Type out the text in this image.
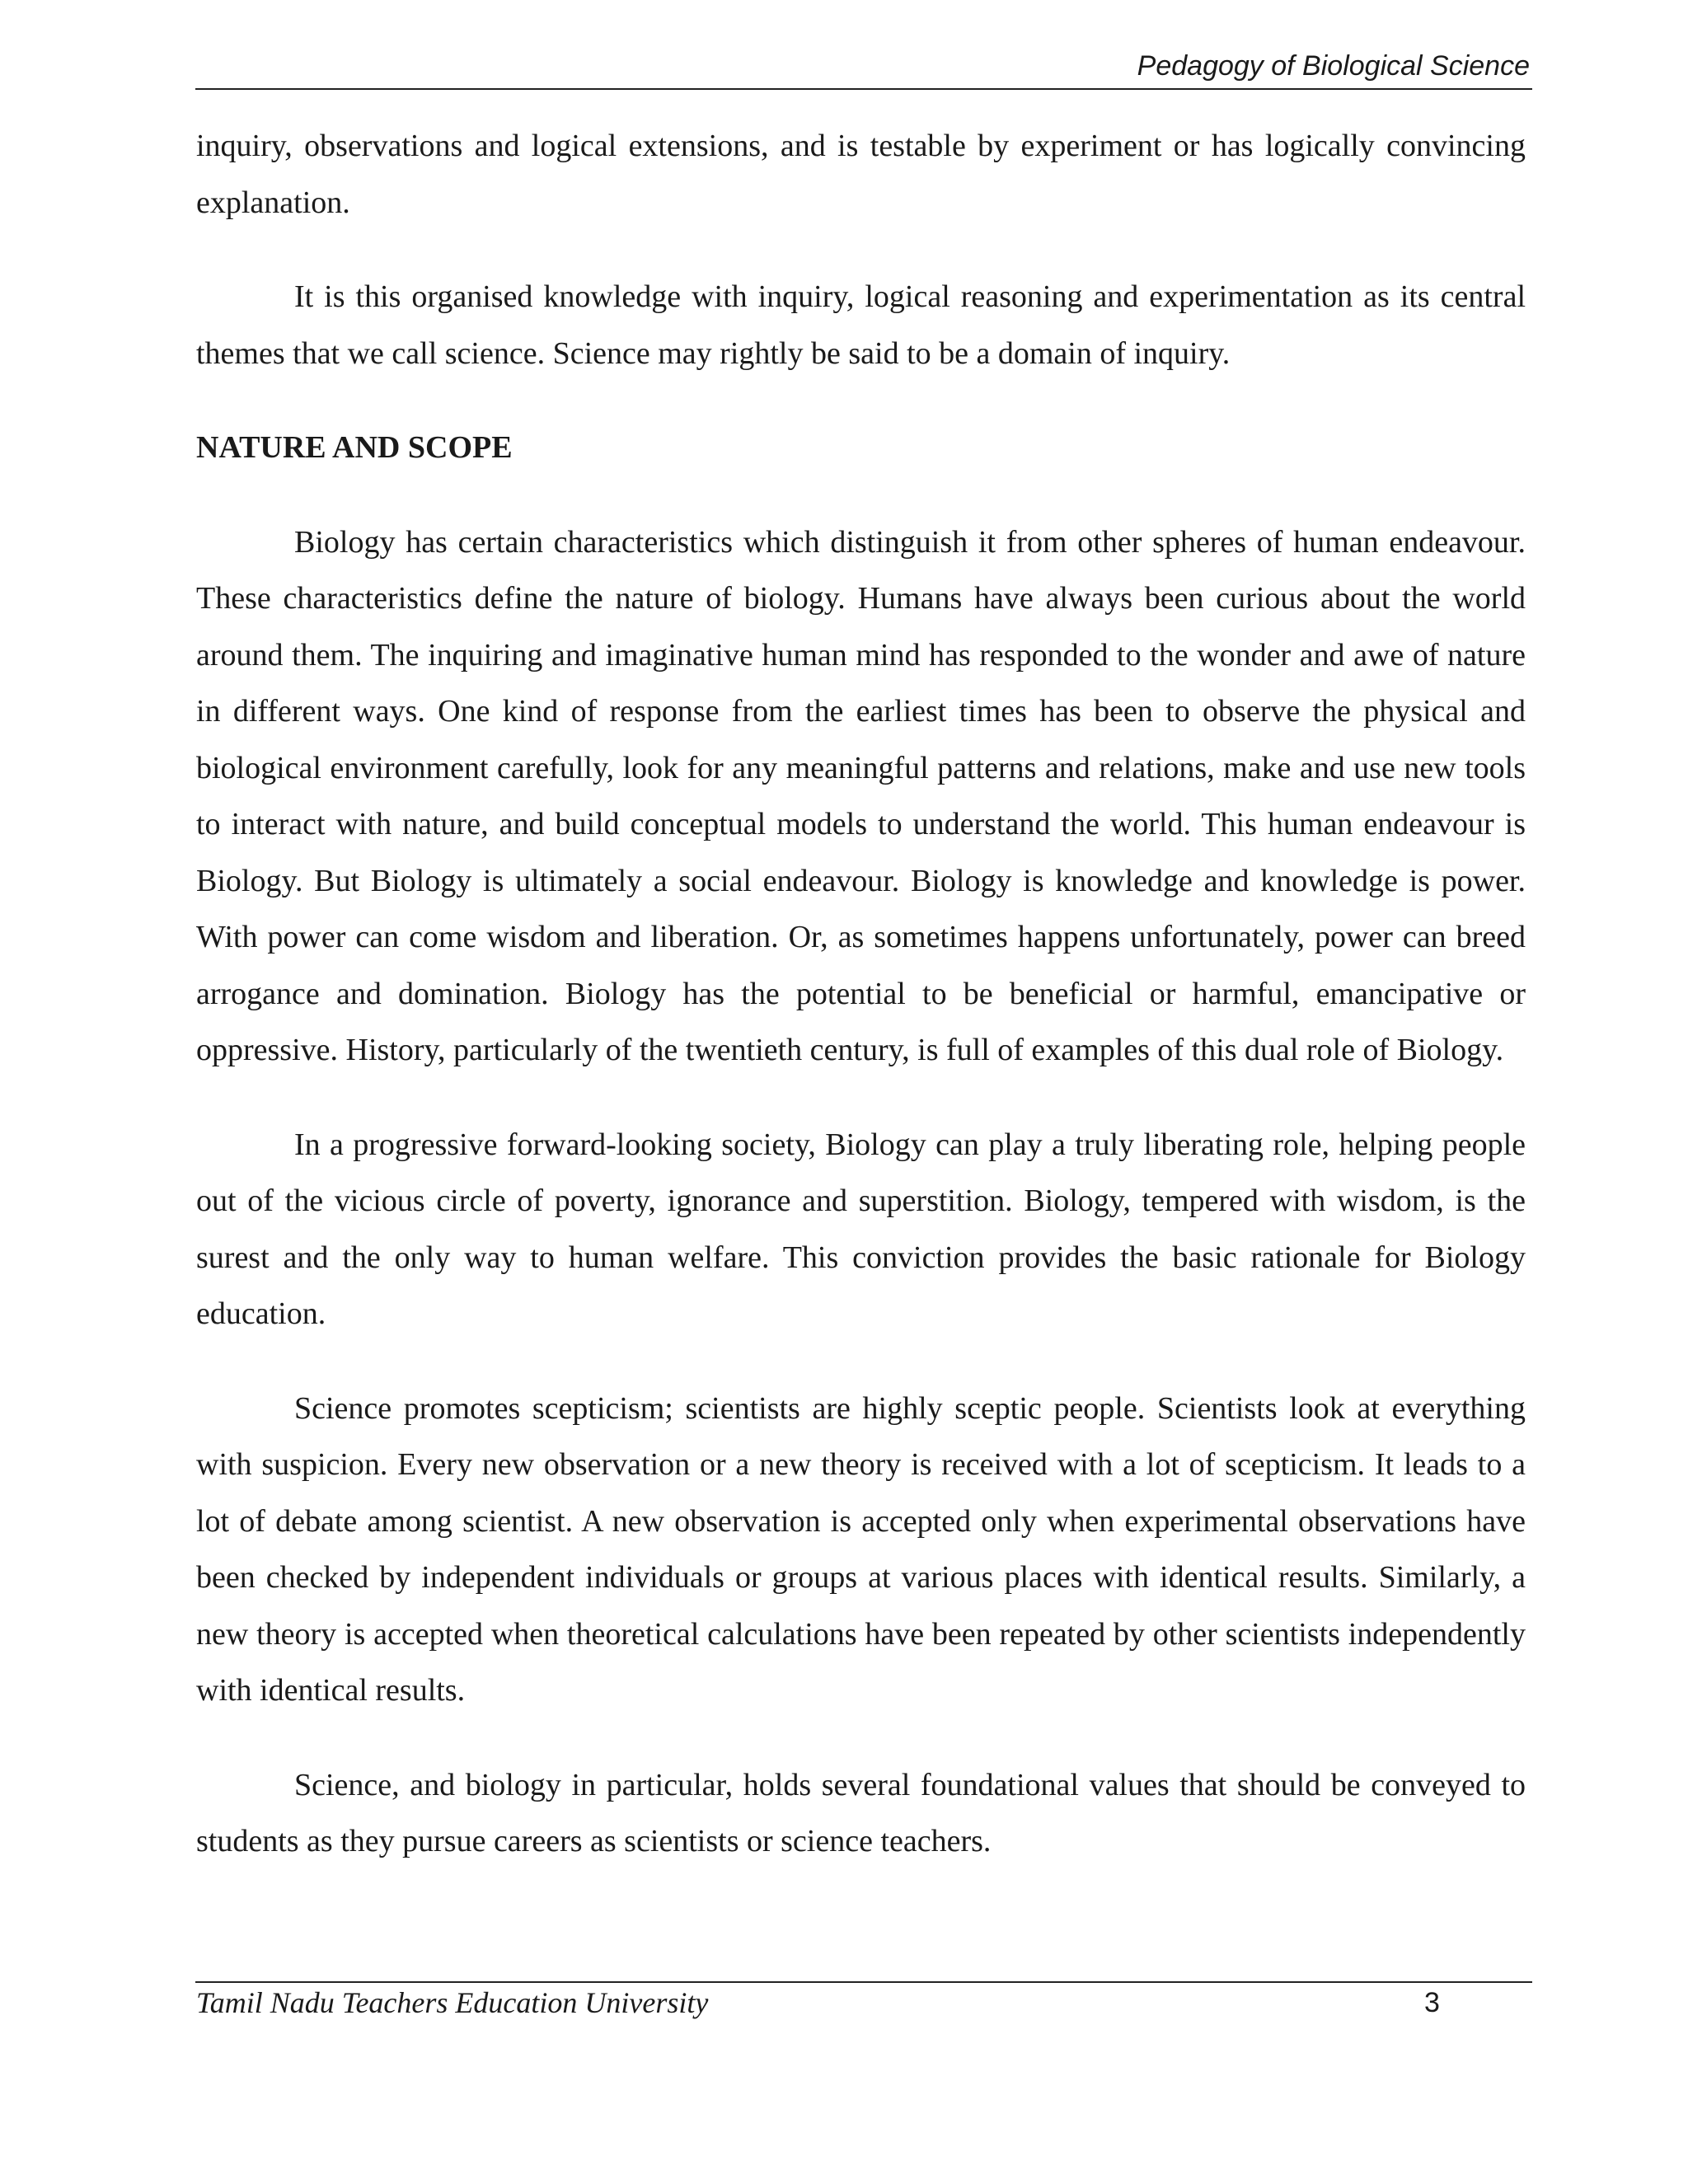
Pedagogy of Biological Science

inquiry, observations and logical extensions, and is testable by experiment or has logically convincing explanation.

It is this organised knowledge with inquiry, logical reasoning and experimentation as its central themes that we call science. Science may rightly be said to be a domain of inquiry.

NATURE AND SCOPE

Biology has certain characteristics which distinguish it from other spheres of human endeavour. These characteristics define the nature of biology. Humans have always been curious about the world around them. The inquiring and imaginative human mind has responded to the wonder and awe of nature in different ways. One kind of response from the earliest times has been to observe the physical and biological environment carefully, look for any meaningful patterns and relations, make and use new tools to interact with nature, and build conceptual models to understand the world. This human endeavour is Biology. But Biology is ultimately a social endeavour. Biology is knowledge and knowledge is power. With power can come wisdom and liberation. Or, as sometimes happens unfortunately, power can breed arrogance and domination. Biology has the potential to be beneficial or harmful, emancipative or oppressive. History, particularly of the twentieth century, is full of examples of this dual role of Biology.

In a progressive forward-looking society, Biology can play a truly liberating role, helping people out of the vicious circle of poverty, ignorance and superstition. Biology, tempered with wisdom, is the surest and the only way to human welfare. This conviction provides the basic rationale for Biology education.

Science promotes scepticism; scientists are highly sceptic people. Scientists look at everything with suspicion. Every new observation or a new theory is received with a lot of scepticism. It leads to a lot of debate among scientist. A new observation is accepted only when experimental observations have been checked by independent individuals or groups at various places with identical results. Similarly, a new theory is accepted when theoretical calculations have been repeated by other scientists independently with identical results.

Science, and biology in particular, holds several foundational values that should be conveyed to students as they pursue careers as scientists or science teachers.

Tamil Nadu Teachers Education University	3
